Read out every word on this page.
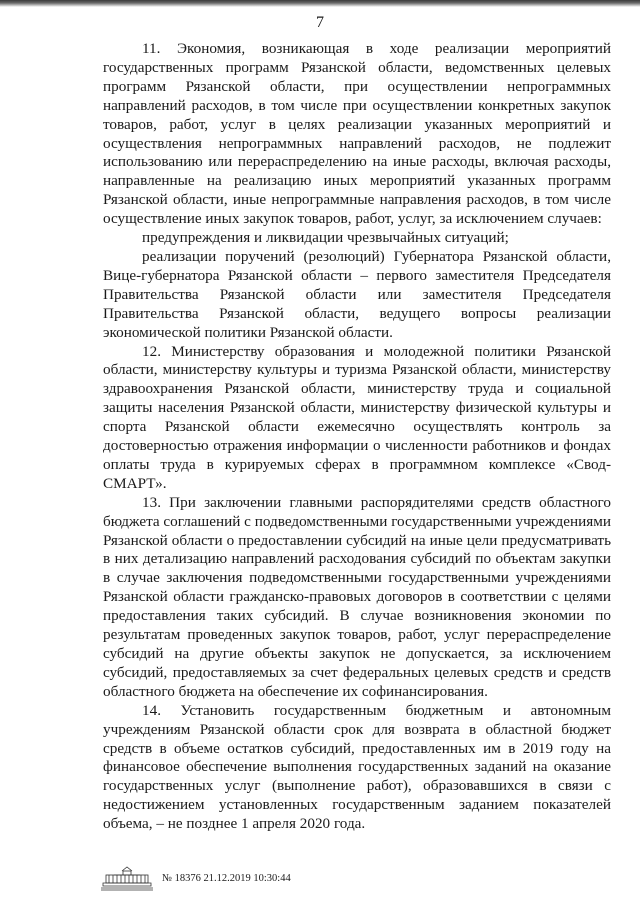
7

11. Экономия, возникающая в ходе реализации мероприятий государственных программ Рязанской области, ведомственных целевых программ Рязанской области, при осуществлении непрограммных направлений расходов, в том числе при осуществлении конкретных закупок товаров, работ, услуг в целях реализации указанных мероприятий и осуществления непрограммных направлений расходов, не подлежит использованию или перераспределению на иные расходы, включая расходы, направленные на реализацию иных мероприятий указанных программ Рязанской области, иные непрограммные направления расходов, в том числе осуществление иных закупок товаров, работ, услуг, за исключением случаев:

предупреждения и ликвидации чрезвычайных ситуаций;

реализации поручений (резолюций) Губернатора Рязанской области, Вице-губернатора Рязанской области – первого заместителя Председателя Правительства Рязанской области или заместителя Председателя Правительства Рязанской области, ведущего вопросы реализации экономической политики Рязанской области.

12. Министерству образования и молодежной политики Рязанской области, министерству культуры и туризма Рязанской области, министерству здравоохранения Рязанской области, министерству труда и социальной защиты населения Рязанской области, министерству физической культуры и спорта Рязанской области ежемесячно осуществлять контроль за достоверностью отражения информации о численности работников и фондах оплаты труда в курируемых сферах в программном комплексе «Свод-СМАРТ».

13. При заключении главными распорядителями средств областного бюджета соглашений с подведомственными государственными учреждениями Рязанской области о предоставлении субсидий на иные цели предусматривать в них детализацию направлений расходования субсидий по объектам закупки в случае заключения подведомственными государственными учреждениями Рязанской области гражданско-правовых договоров в соответствии с целями предоставления таких субсидий. В случае возникновения экономии по результатам проведенных закупок товаров, работ, услуг перераспределение субсидий на другие объекты закупок не допускается, за исключением субсидий, предоставляемых за счет федеральных целевых средств и средств областного бюджета на обеспечение их софинансирования.

14. Установить государственным бюджетным и автономным учреждениям Рязанской области срок для возврата в областной бюджет средств в объеме остатков субсидий, предоставленных им в 2019 году на финансовое обеспечение выполнения государственных заданий на оказание государственных услуг (выполнение работ), образовавшихся в связи с недостижением установленных государственным заданием показателей объема, – не позднее 1 апреля 2020 года.

№ 18376 21.12.2019 10:30:44
